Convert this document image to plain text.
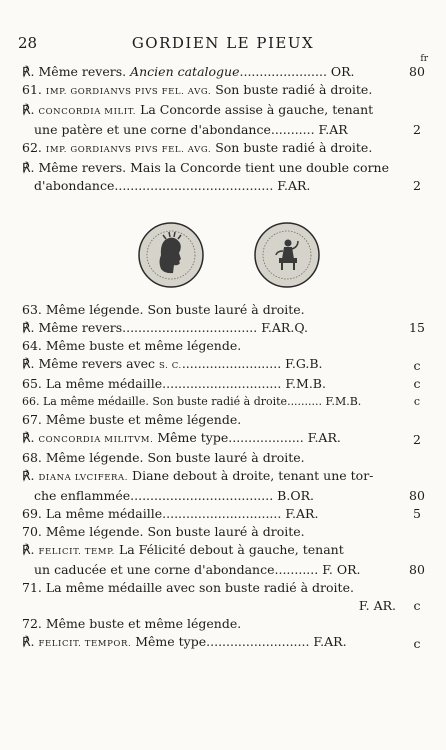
28	GORDIEN LE PIEUX
fr
℟. Même revers. Ancien catalogue...................... OR.	80
61. IMP. GORDIANVS PIVS FEL. AVG. Son buste radié à droite.
℟. CONCORDIA MILIT. La Concorde assise à gauche, tenant
une patère et une corne d'abondance........... F.AR	2
62. IMP. GORDIANVS PIVS FEL. AVG. Son buste radié à droite.
℟. Même revers. Mais la Concorde tient une double corne
d'abondance........................................ F.AR.	2
63. Même légende. Son buste lauré à droite.
℟. Même revers.................................. F.AR.Q.	15
64. Même buste et même légende.
℟. Même revers avec S. C.......................... F.G.B.	c
65. La même médaille.............................. F.M.B.	c
66. La même médaille. Son buste radié à droite.......... F.M.B.	c
67. Même buste et même légende.
℟. CONCORDIA MILITVM. Même type................... F.AR.	2
68. Même légende. Son buste lauré à droite.
℟. DIANA LVCIFERA. Diane debout à droite, tenant une tor-
che enflammée.................................... B.OR.	80
69. La même médaille.............................. F.AR.	5
70. Même légende. Son buste lauré à droite.
℟. FELICIT. TEMP. La Félicité debout à gauche, tenant
un caducée et une corne d'abondance........... F. OR.	80
71. La même médaille avec son buste radié à droite.
F. AR.	c
72. Même buste et même légende.
℟. FELICIT. TEMPOR. Même type.......................... F.AR.	c
